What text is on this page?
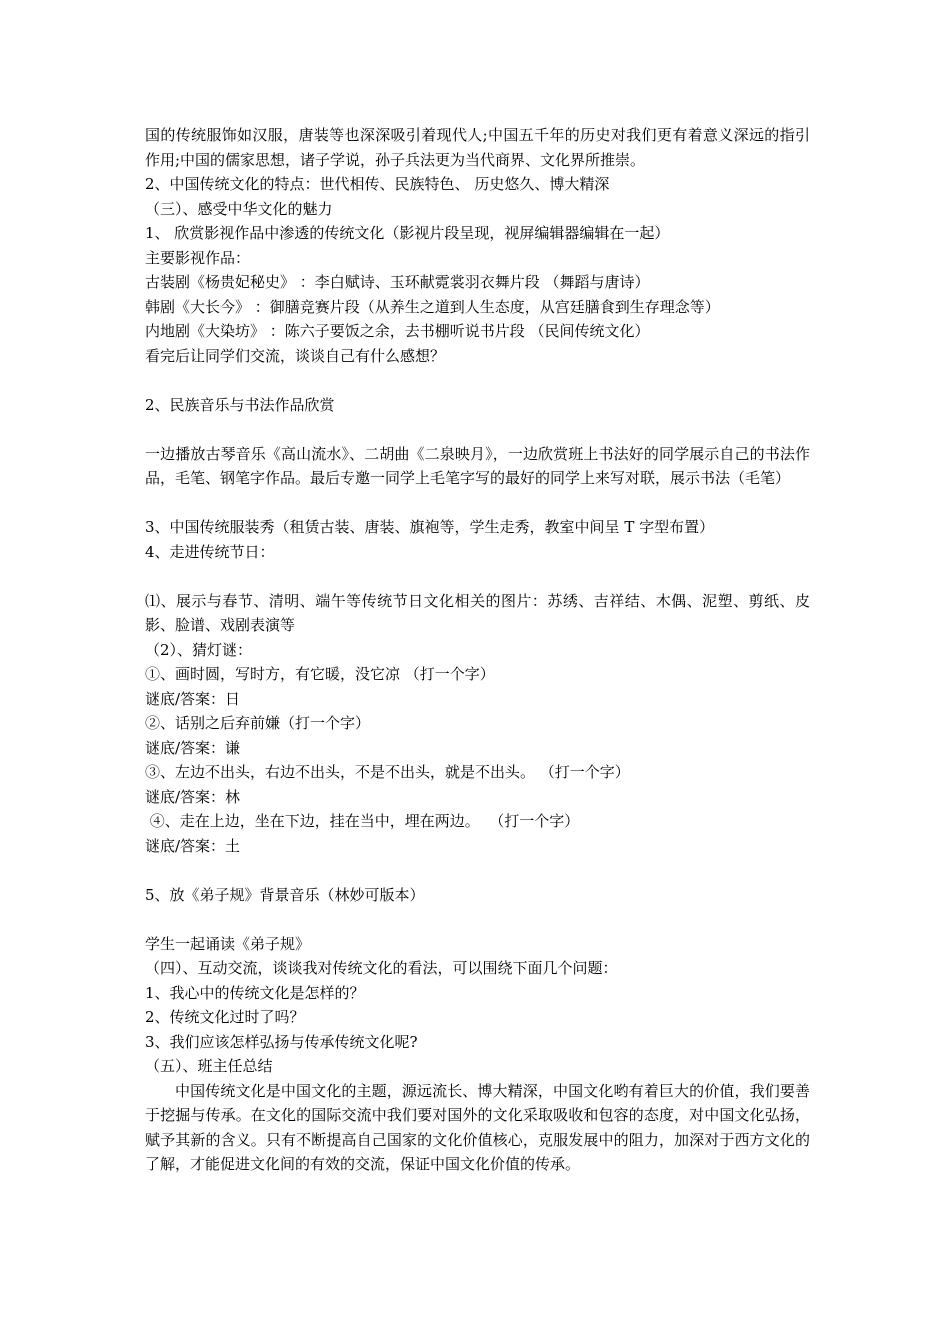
国的传统服饰如汉服，唐装等也深深吸引着现代人;中国五千年的历史对我们更有着意义深远的指引作用;中国的儒家思想，诸子学说，孙子兵法更为当代商界、文化界所推崇。
2、中国传统文化的特点：世代相传、民族特色、 历史悠久、博大精深
（三）、感受中华文化的魅力
1、 欣赏影视作品中渗透的传统文化（影视片段呈现，视屏编辑器编辑在一起）
主要影视作品：
古装剧《杨贵妃秘史》 ：李白赋诗、玉环献霓裳羽衣舞片段 （舞蹈与唐诗）
韩剧《大长今》 ：御膳竞赛片段（从养生之道到人生态度，从宫廷膳食到生存理念等）
内地剧《大染坊》 ：陈六子要饭之余，去书棚听说书片段 （民间传统文化）
看完后让同学们交流，谈谈自己有什么感想？
2、民族音乐与书法作品欣赏
一边播放古琴音乐《高山流水》、二胡曲《二泉映月》，一边欣赏班上书法好的同学展示自己的书法作品，毛笔、钢笔字作品。最后专邀一同学上毛笔字写的最好的同学上来写对联，展示书法（毛笔）
3、中国传统服装秀（租赁古装、唐装、旗袍等，学生走秀，教室中间呈 T 字型布置）
4、走进传统节日：
⑴、展示与春节、清明、端午等传统节日文化相关的图片：苏绣、吉祥结、木偶、泥塑、剪纸、皮影、脸谱、戏剧表演等
（2）、猜灯谜：
①、画时圆，写时方，有它暖，没它凉 （打一个字）
谜底/答案：日
②、话别之后弃前嫌（打一个字）
谜底/答案：谦
③、左边不出头，右边不出头，不是不出头，就是不出头。 （打一个字）
谜底/答案：林
④、走在上边，坐在下边，挂在当中，埋在两边。  （打一个字）
谜底/答案：土
5、放《弟子规》背景音乐（林妙可版本）
学生一起诵读《弟子规》
（四）、互动交流，谈谈我对传统文化的看法，可以围绕下面几个问题：
1、我心中的传统文化是怎样的？
2、传统文化过时了吗？
3、我们应该怎样弘扬与传承传统文化呢?
（五）、班主任总结
中国传统文化是中国文化的主题，源远流长、博大精深，中国文化哟有着巨大的价值，我们要善于挖掘与传承。在文化的国际交流中我们要对国外的文化采取吸收和包容的态度，对中国文化弘扬，赋予其新的含义。只有不断提高自己国家的文化价值核心，克服发展中的阻力，加深对于西方文化的了解，才能促进文化间的有效的交流，保证中国文化价值的传承。
